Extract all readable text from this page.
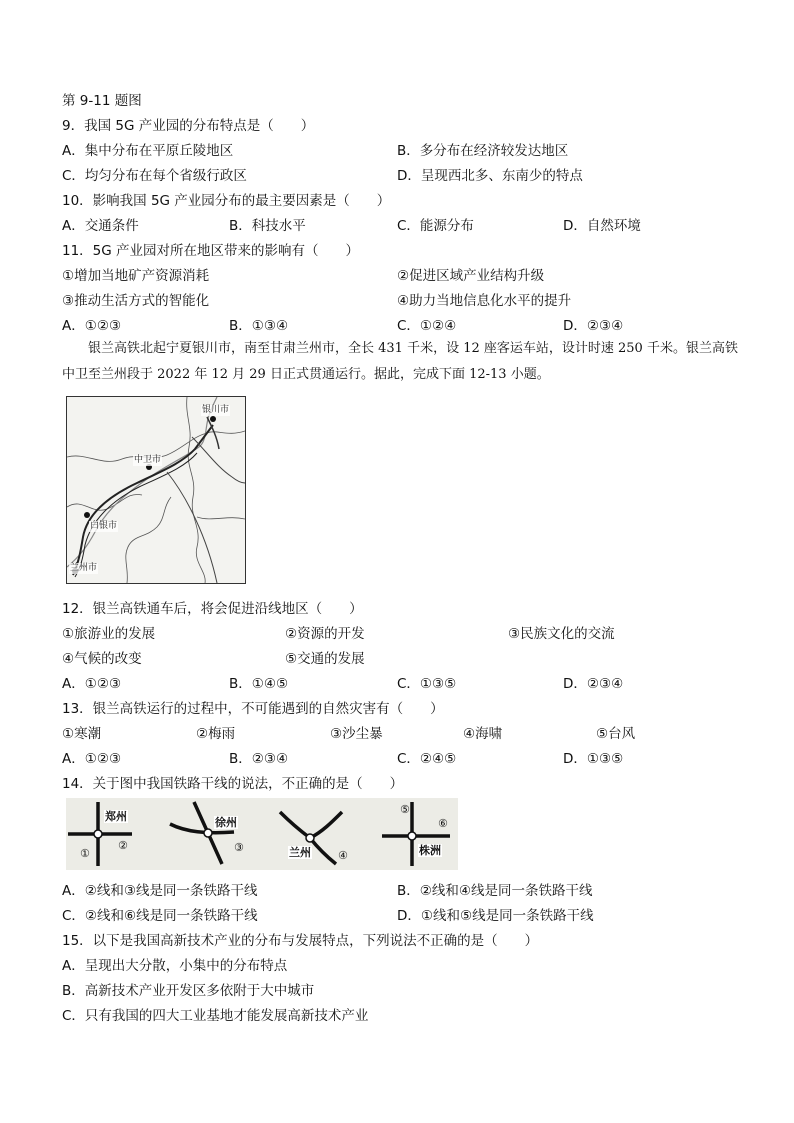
第 9-11 题图
9．我国 5G 产业园的分布特点是（　　）
A．集中分布在平原丘陵地区	B．多分布在经济较发达地区
C．均匀分布在每个省级行政区	D．呈现西北多、东南少的特点
10．影响我国 5G 产业园分布的最主要因素是（　　）
A．交通条件	B．科技水平	C．能源分布	D．自然环境
11．5G 产业园对所在地区带来的影响有（　　）
①增加当地矿产资源消耗	②促进区域产业结构升级
③推动生活方式的智能化	④助力当地信息化水平的提升
A．①②③	B．①③④	C．①②④	D．②③④
银兰高铁北起宁夏银川市，南至甘肃兰州市，全长 431 千米，设 12 座客运车站，设计时速 250 千米。银兰高铁中卫至兰州段于 2022 年 12 月 29 日正式贯通运行。据此，完成下面 12-13 小题。
银川市
中卫市
白银市
兰州市
12．银兰高铁通车后，将会促进沿线地区（　　）
①旅游业的发展	②资源的开发	③民族文化的交流
④气候的改变	⑤交通的发展
A．①②③	B．①④⑤	C．①③⑤	D．②③④
13．银兰高铁运行的过程中，不可能遇到的自然灾害有（　　）
①寒潮	②梅雨	③沙尘暴	④海啸	⑤台风
A．①②③	B．②③④	C．②④⑤	D．①③⑤
14．关于图中我国铁路干线的说法，不正确的是（　　）
郑州
①
②
徐州
③	兰州 ④
⑤
⑥
株洲
A．②线和③线是同一条铁路干线	B．②线和④线是同一条铁路干线
C．②线和⑥线是同一条铁路干线	D．①线和⑤线是同一条铁路干线
15．以下是我国高新技术产业的分布与发展特点，下列说法不正确的是（　　）
A．呈现出大分散，小集中的分布特点
B．高新技术产业开发区多依附于大中城市
C．只有我国的四大工业基地才能发展高新技术产业
